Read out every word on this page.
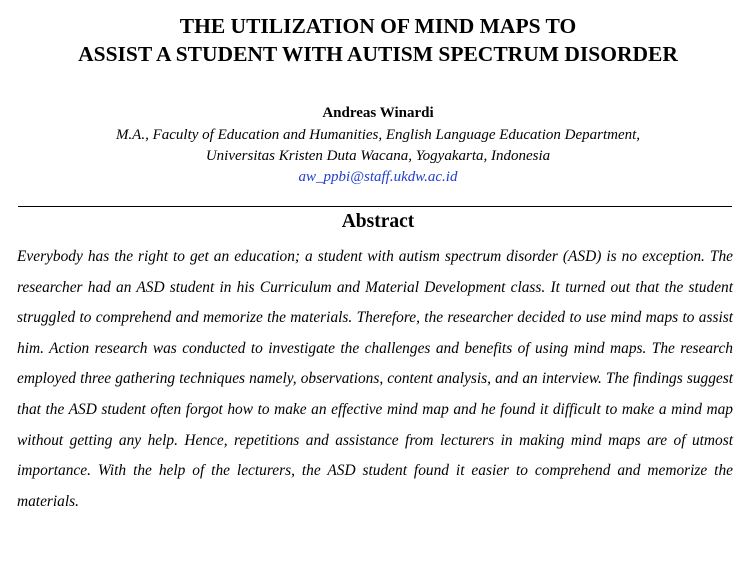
THE UTILIZATION OF MIND MAPS TO
ASSIST A STUDENT WITH AUTISM SPECTRUM DISORDER
Andreas Winardi
M.A., Faculty of Education and Humanities, English Language Education Department,
Universitas Kristen Duta Wacana, Yogyakarta, Indonesia
aw_ppbi@staff.ukdw.ac.id
Abstract

Everybody has the right to get an education; a student with autism spectrum disorder (ASD) is no exception. The researcher had an ASD student in his Curriculum and Material Development class. It turned out that the student struggled to comprehend and memorize the materials. Therefore, the researcher decided to use mind maps to assist him. Action research was conducted to investigate the challenges and benefits of using mind maps. The research employed three gathering techniques namely, observations, content analysis, and an interview. The findings suggest that the ASD student often forgot how to make an effective mind map and he found it difficult to make a mind map without getting any help. Hence, repetitions and assistance from lecturers in making mind maps are of utmost importance. With the help of the lecturers, the ASD student found it easier to comprehend and memorize the materials.
